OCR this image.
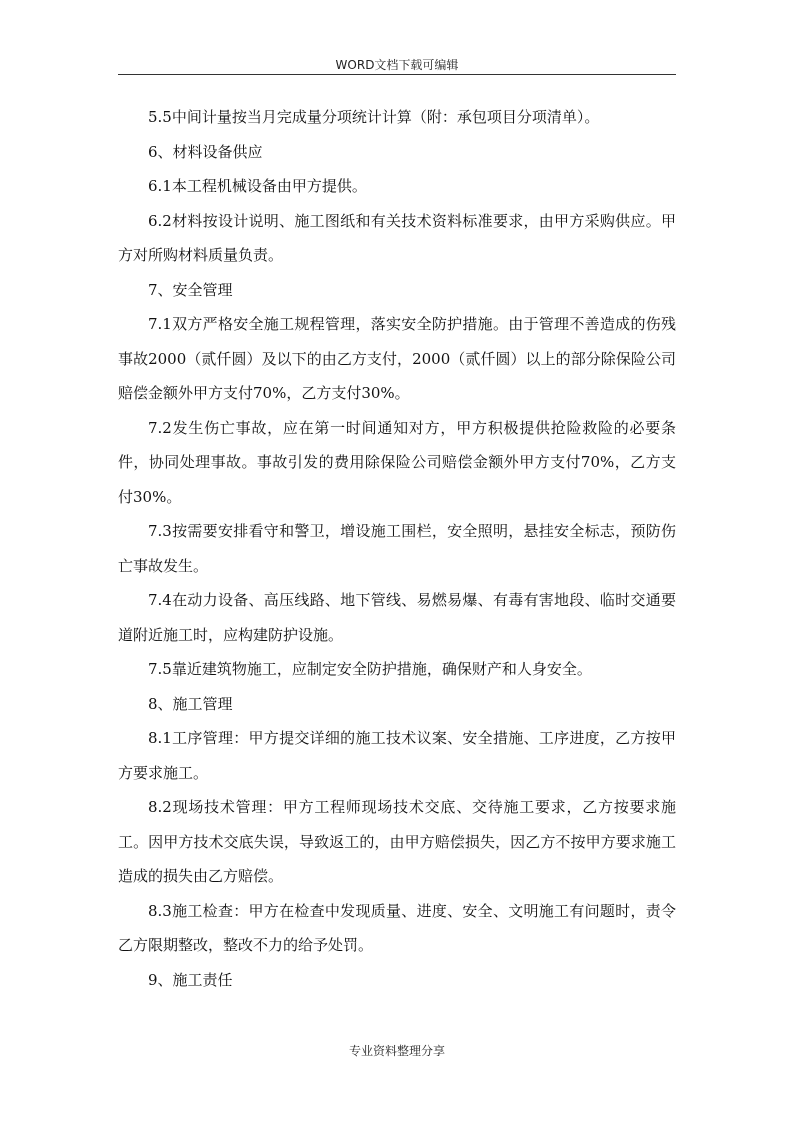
WORD文档下载可编辑

5.5中间计量按当月完成量分项统计计算（附：承包项目分项清单）。

6、材料设备供应

6.1本工程机械设备由甲方提供。

6.2材料按设计说明、施工图纸和有关技术资料标准要求，由甲方采购供应。甲方对所购材料质量负责。

7、安全管理

7.1双方严格安全施工规程管理，落实安全防护措施。由于管理不善造成的伤残事故2000（贰仟圆）及以下的由乙方支付，2000（贰仟圆）以上的部分除保险公司赔偿金额外甲方支付70%，乙方支付30%。

7.2发生伤亡事故，应在第一时间通知对方，甲方积极提供抢险救险的必要条件，协同处理事故。事故引发的费用除保险公司赔偿金额外甲方支付70%，乙方支付30%。

7.3按需要安排看守和警卫，增设施工围栏，安全照明，悬挂安全标志，预防伤亡事故发生。

7.4在动力设备、高压线路、地下管线、易燃易爆、有毒有害地段、临时交通要道附近施工时，应构建防护设施。

7.5靠近建筑物施工，应制定安全防护措施，确保财产和人身安全。

8、施工管理

8.1工序管理：甲方提交详细的施工技术议案、安全措施、工序进度，乙方按甲方要求施工。

8.2现场技术管理：甲方工程师现场技术交底、交待施工要求，乙方按要求施工。因甲方技术交底失误，导致返工的，由甲方赔偿损失，因乙方不按甲方要求施工造成的损失由乙方赔偿。

8.3施工检查：甲方在检查中发现质量、进度、安全、文明施工有问题时，责令乙方限期整改，整改不力的给予处罚。

9、施工责任

专业资料整理分享
